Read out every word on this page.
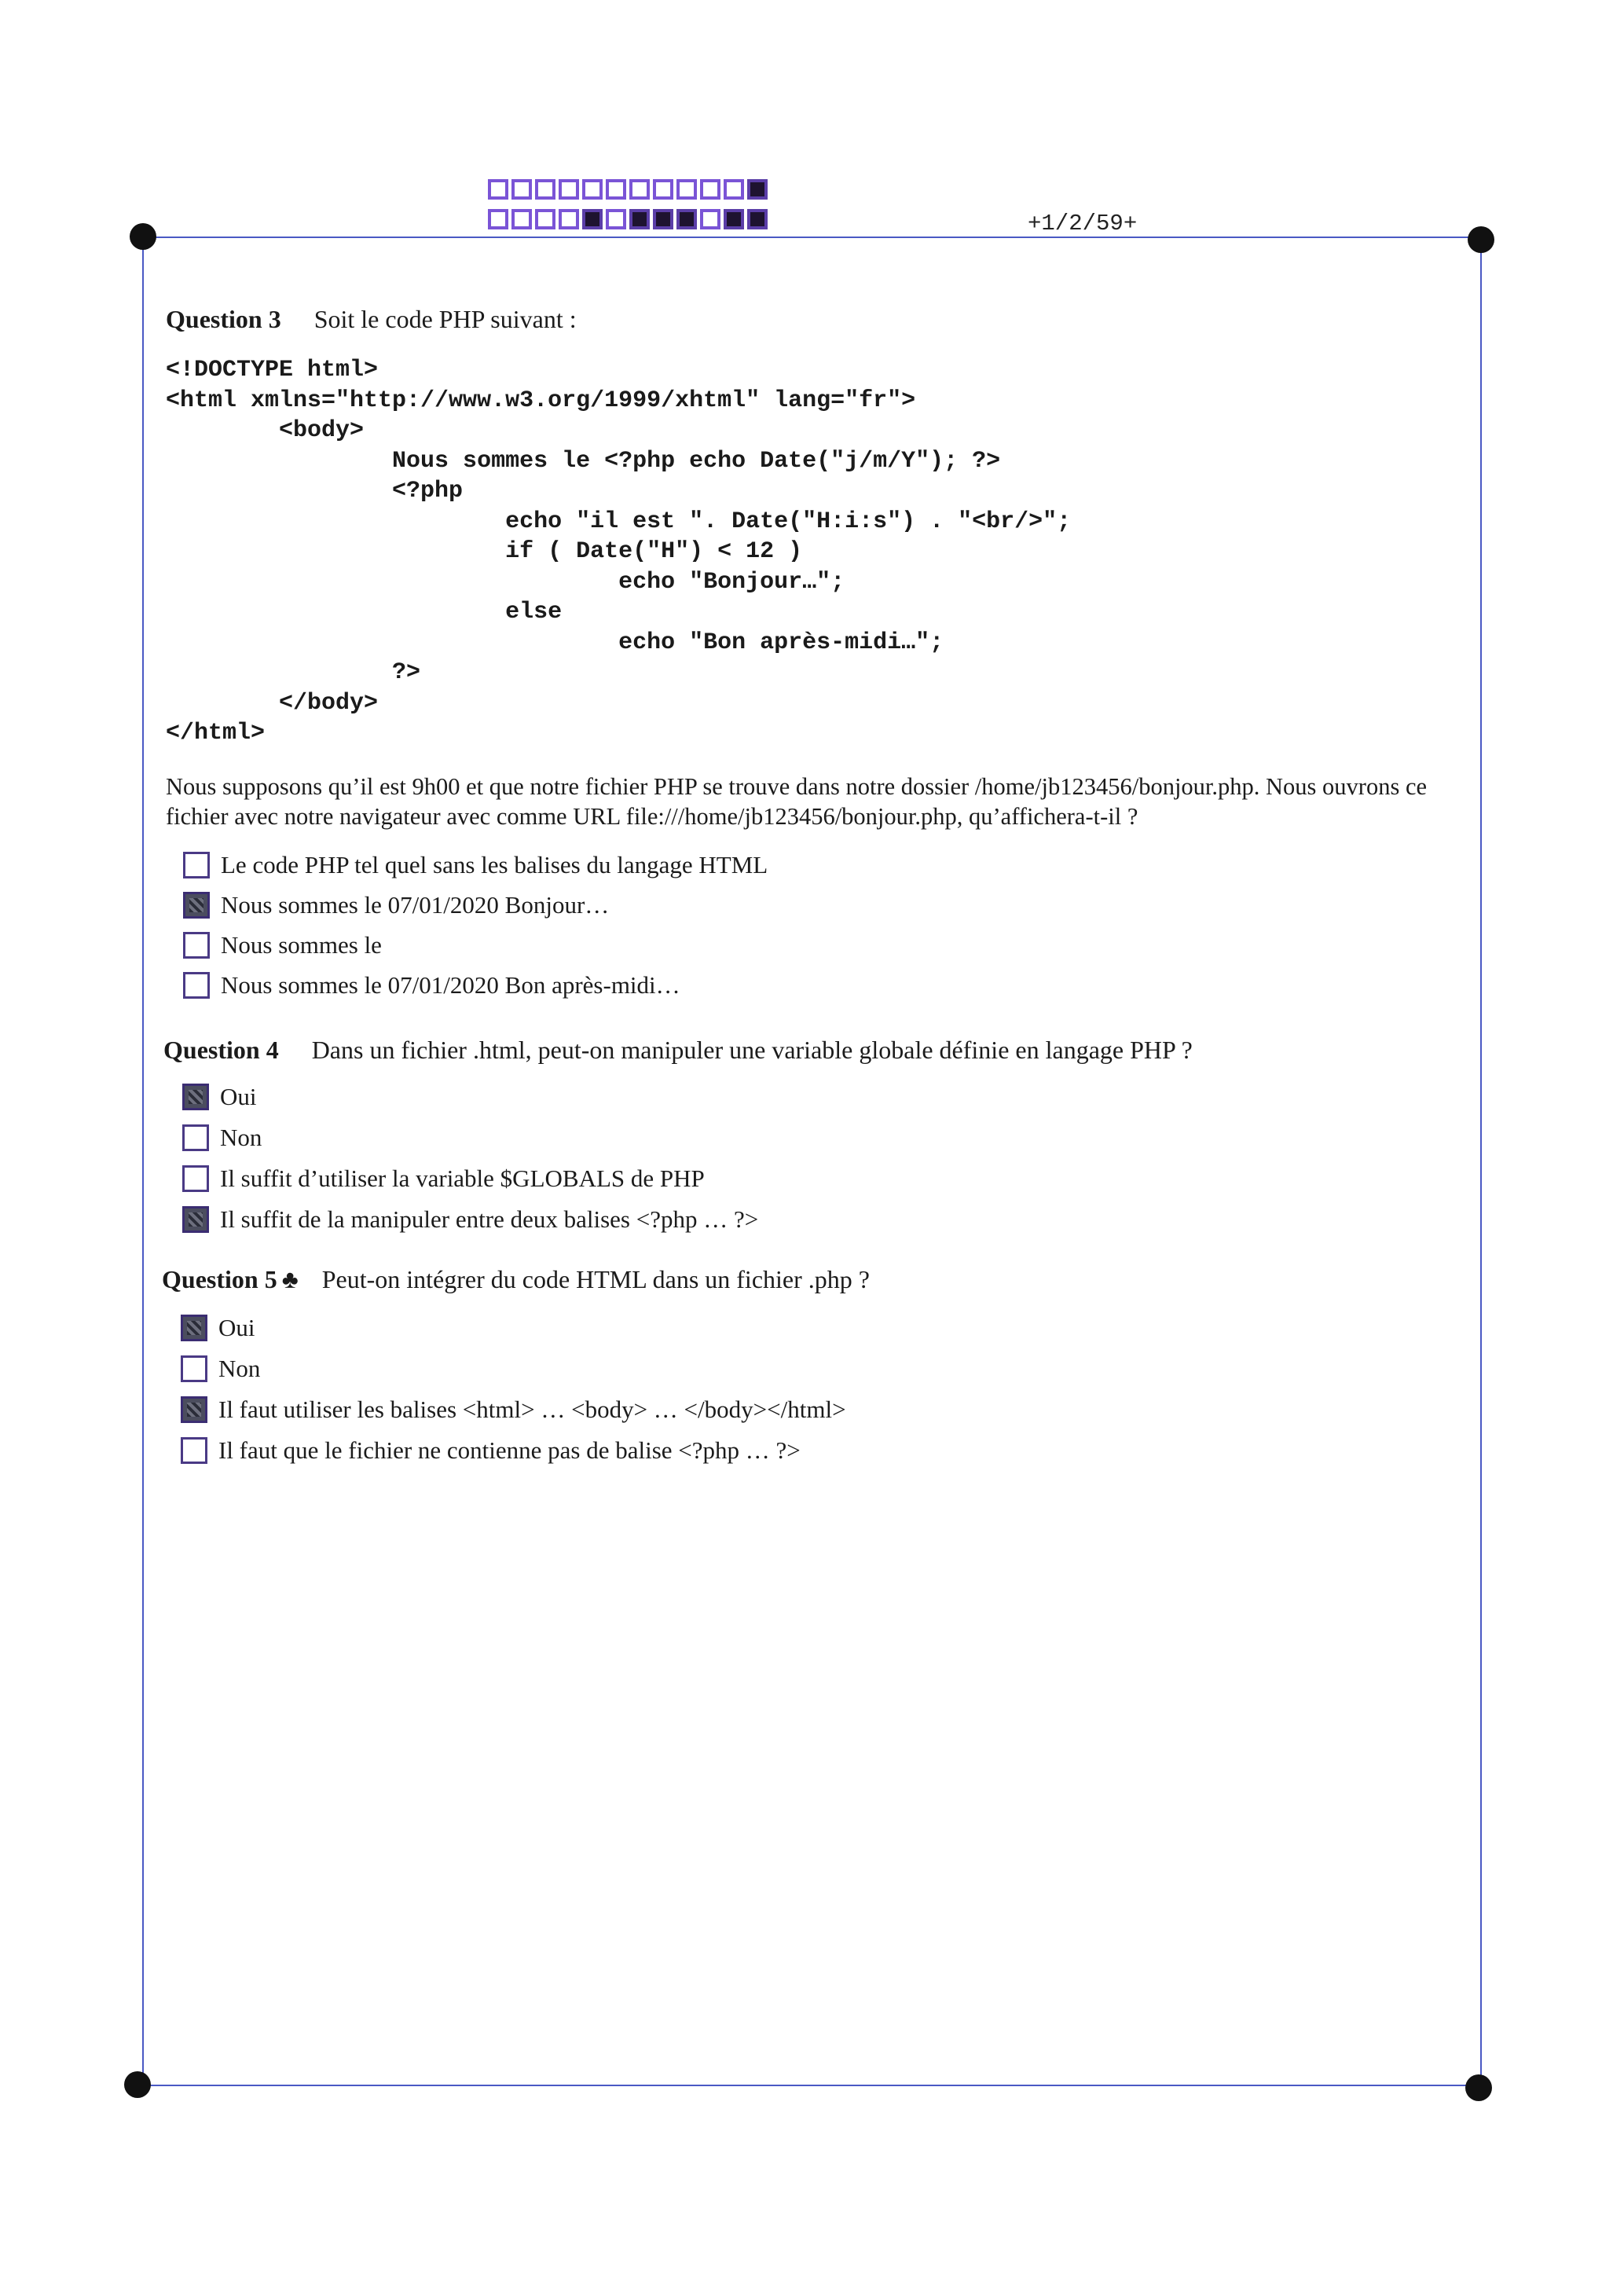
+1/2/59+
Question 3 Soit le code PHP suivant :
<!DOCTYPE html>
<html xmlns="http://www.w3.org/1999/xhtml" lang="fr">
<body>
Nous sommes le <?php echo Date("j/m/Y"); ?>
<?php
echo "il est ". Date("H:i:s") . "<br/>";
if ( Date("H") < 12 )
echo "Bonjour…";
else
echo "Bon après-midi…";
?>
</body>
</html>
Nous supposons qu’il est 9h00 et que notre fichier PHP se trouve dans notre dossier /home/jb123456/bonjour.php. Nous ouvrons ce fichier avec notre navigateur avec comme URL file:///home/jb123456/bonjour.php, qu’affichera-t-il ?
Le code PHP tel quel sans les balises du langage HTML
Nous sommes le 07/01/2020 Bonjour…
Nous sommes le
Nous sommes le 07/01/2020 Bon après-midi…
Question 4 Dans un fichier .html, peut-on manipuler une variable globale définie en langage PHP ?
Oui
Non
Il suffit d’utiliser la variable $GLOBALS de PHP
Il suffit de la manipuler entre deux balises <?php … ?>
Question 5 ♣ Peut-on intégrer du code HTML dans un fichier .php ?
Oui
Non
Il faut utiliser les balises <html> … <body> … </body></html>
Il faut que le fichier ne contienne pas de balise <?php … ?>
